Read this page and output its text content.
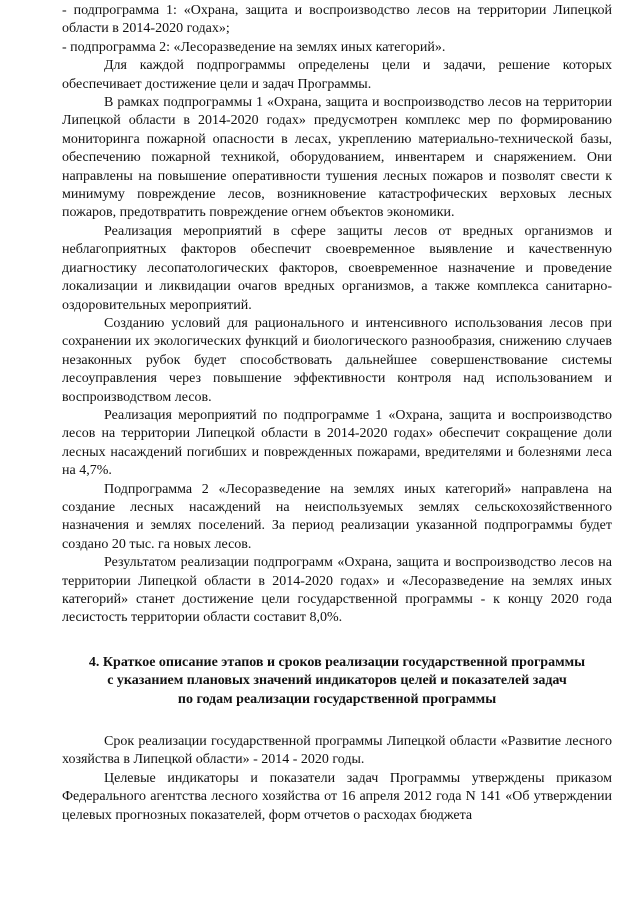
- подпрограмма 1: «Охрана, защита и воспроизводство лесов на территории Липецкой области в 2014-2020 годах»;

- подпрограмма 2: «Лесоразведение на землях иных категорий».

Для каждой подпрограммы определены цели и задачи, решение которых обеспечивает достижение цели и задач Программы.

В рамках подпрограммы 1 «Охрана, защита и воспроизводство лесов на территории Липецкой области в 2014-2020 годах» предусмотрен комплекс мер по формированию мониторинга пожарной опасности в лесах, укреплению материально-технической базы, обеспечению пожарной техникой, оборудованием, инвентарем и снаряжением. Они направлены на повышение оперативности тушения лесных пожаров и позволят свести к минимуму повреждение лесов, возникновение катастрофических верховых лесных пожаров, предотвратить повреждение огнем объектов экономики.

Реализация мероприятий в сфере защиты лесов от вредных организмов и неблагоприятных факторов обеспечит своевременное выявление и качественную диагностику лесопатологических факторов, своевременное назначение и проведение локализации и ликвидации очагов вредных организмов, а также комплекса санитарно-оздоровительных мероприятий.

Созданию условий для рационального и интенсивного использования лесов при сохранении их экологических функций и биологического разнообразия, снижению случаев незаконных рубок будет способствовать дальнейшее совершенствование системы лесоуправления через повышение эффективности контроля над использованием и воспроизводством лесов.

Реализация мероприятий по подпрограмме 1 «Охрана, защита и воспроизводство лесов на территории Липецкой области в 2014-2020 годах» обеспечит сокращение доли лесных насаждений погибших и поврежденных пожарами, вредителями и болезнями леса на 4,7%.

Подпрограмма 2 «Лесоразведение на землях иных категорий» направлена на создание лесных насаждений на неиспользуемых землях сельскохозяйственного назначения и землях поселений. За период реализации указанной подпрограммы будет создано 20 тыс. га новых лесов.

Результатом реализации подпрограмм «Охрана, защита и воспроизводство лесов на территории Липецкой области в 2014-2020 годах» и «Лесоразведение на землях иных категорий» станет достижение цели государственной программы - к концу 2020 года лесистость территории области составит 8,0%.

4. Краткое описание этапов и сроков реализации государственной программы
с указанием плановых значений индикаторов целей и показателей задач
по годам реализации государственной программы

Срок реализации государственной программы Липецкой области «Развитие лесного хозяйства в Липецкой области» - 2014 - 2020 годы.

Целевые индикаторы и показатели задач Программы утверждены приказом Федерального агентства лесного хозяйства от 16 апреля 2012 года N 141 «Об утверждении целевых прогнозных показателей, форм отчетов о расходах бюджета
